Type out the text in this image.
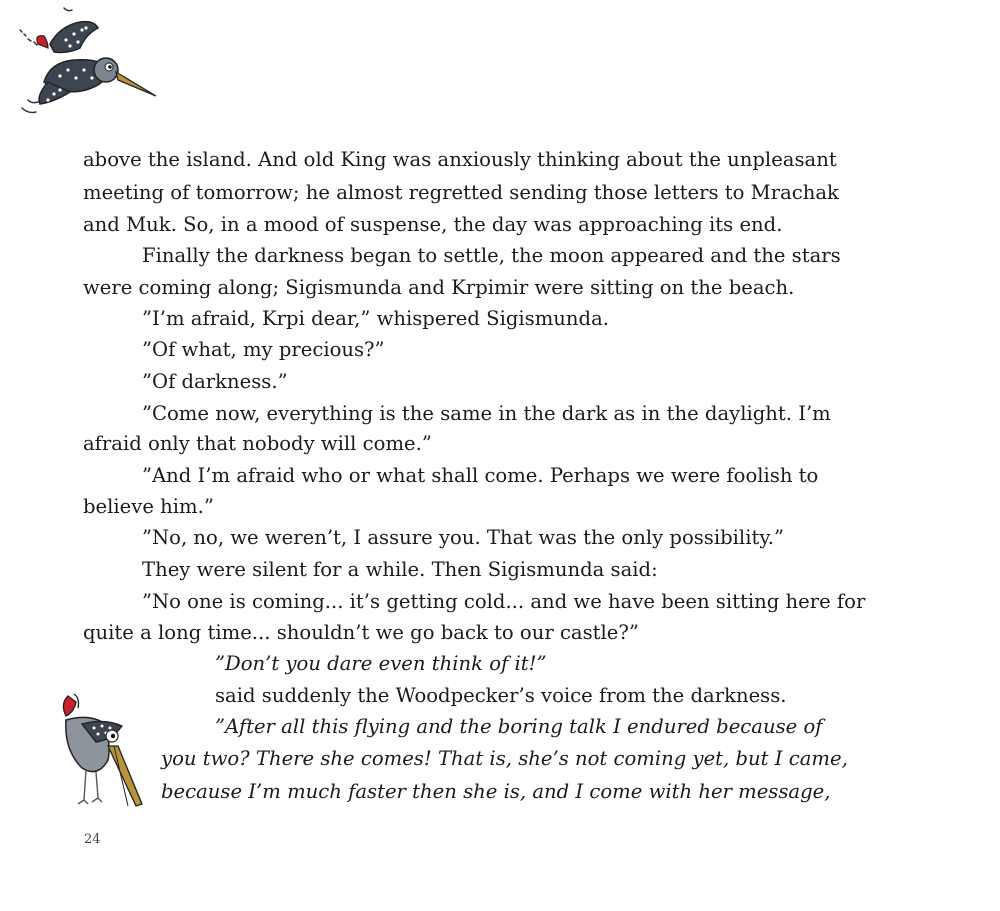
above the island. And old King was anxiously thinking about the unpleasant
meeting of tomorrow; he almost regretted sending those letters to Mrachak
and Muk. So, in a mood of suspense, the day was approaching its end.
Finally the darkness began to settle, the moon appeared and the stars
were coming along; Sigismunda and Krpimir were sitting on the beach.
”I’m afraid, Krpi dear,” whispered Sigismunda.
”Of what, my precious?”
”Of darkness.”
”Come now, everything is the same in the dark as in the daylight. I’m
afraid only that nobody will come.”
”And I’m afraid who or what shall come. Perhaps we were foolish to
believe him.”
”No, no, we weren’t, I assure you. That was the only possibility.”
They were silent for a while. Then Sigismunda said:
”No one is coming... it’s getting cold... and we have been sitting here for
quite a long time... shouldn’t we go back to our castle?”
”Don’t you dare even think of it!”
said suddenly the Woodpecker’s voice from the darkness.
”After all this flying and the boring talk I endured because of
you two? There she comes! That is, she’s not coming yet, but I came,
because I’m much faster then she is, and I come with her message,
24
